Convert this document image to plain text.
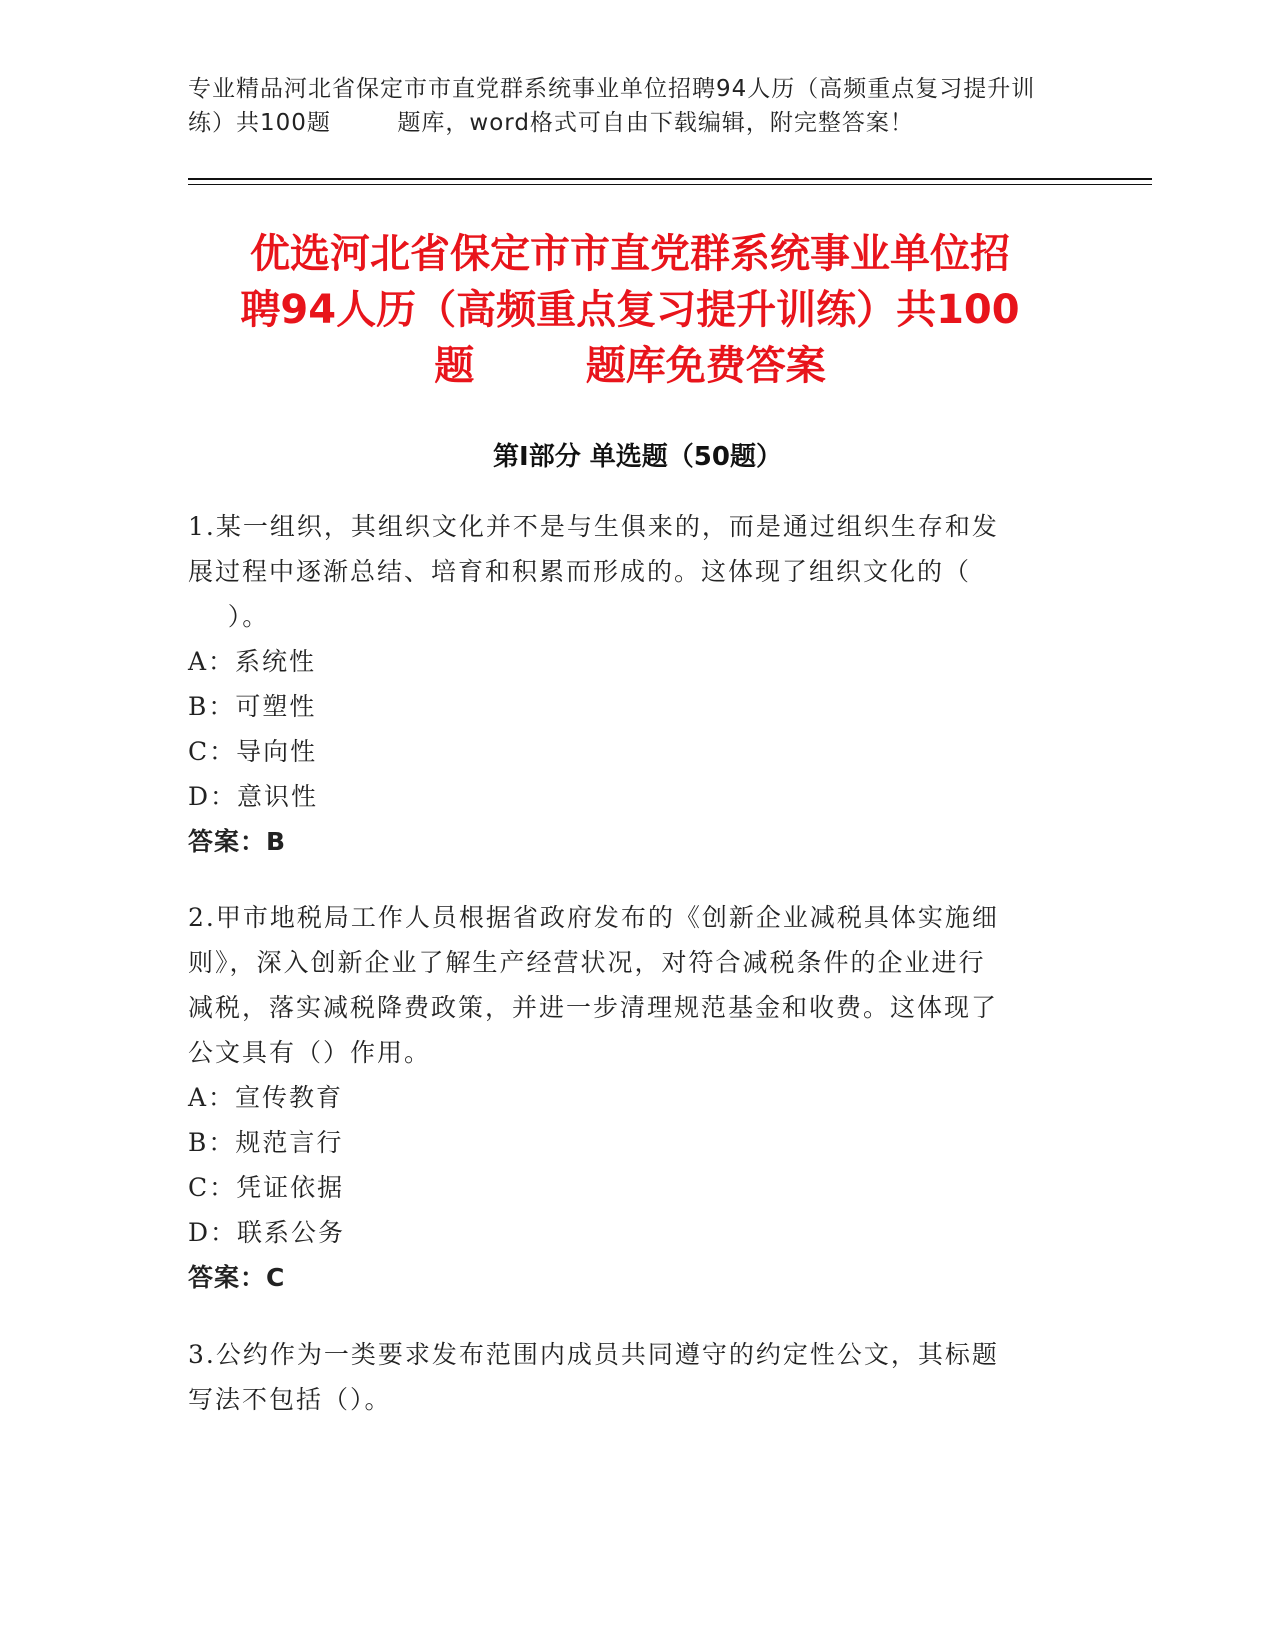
专业精品河北省保定市市直党群系统事业单位招聘94人历（高频重点复习提升训
练）共100题        题库，word格式可自由下载编辑，附完整答案！
优选河北省保定市市直党群系统事业单位招
聘94人历（高频重点复习提升训练）共100
题        题库免费答案
第Ⅰ部分 单选题（50题）
1.某一组织，其组织文化并不是与生俱来的，而是通过组织生存和发
展过程中逐渐总结、培育和积累而形成的。这体现了组织文化的（
）。
A：系统性
B：可塑性
C：导向性
D：意识性
答案：B
2.甲市地税局工作人员根据省政府发布的《创新企业减税具体实施细
则》，深入创新企业了解生产经营状况，对符合减税条件的企业进行
减税，落实减税降费政策，并进一步清理规范基金和收费。这体现了
公文具有（）作用。
A：宣传教育
B：规范言行
C：凭证依据
D：联系公务
答案：C
3.公约作为一类要求发布范围内成员共同遵守的约定性公文，其标题
写法不包括（）。
